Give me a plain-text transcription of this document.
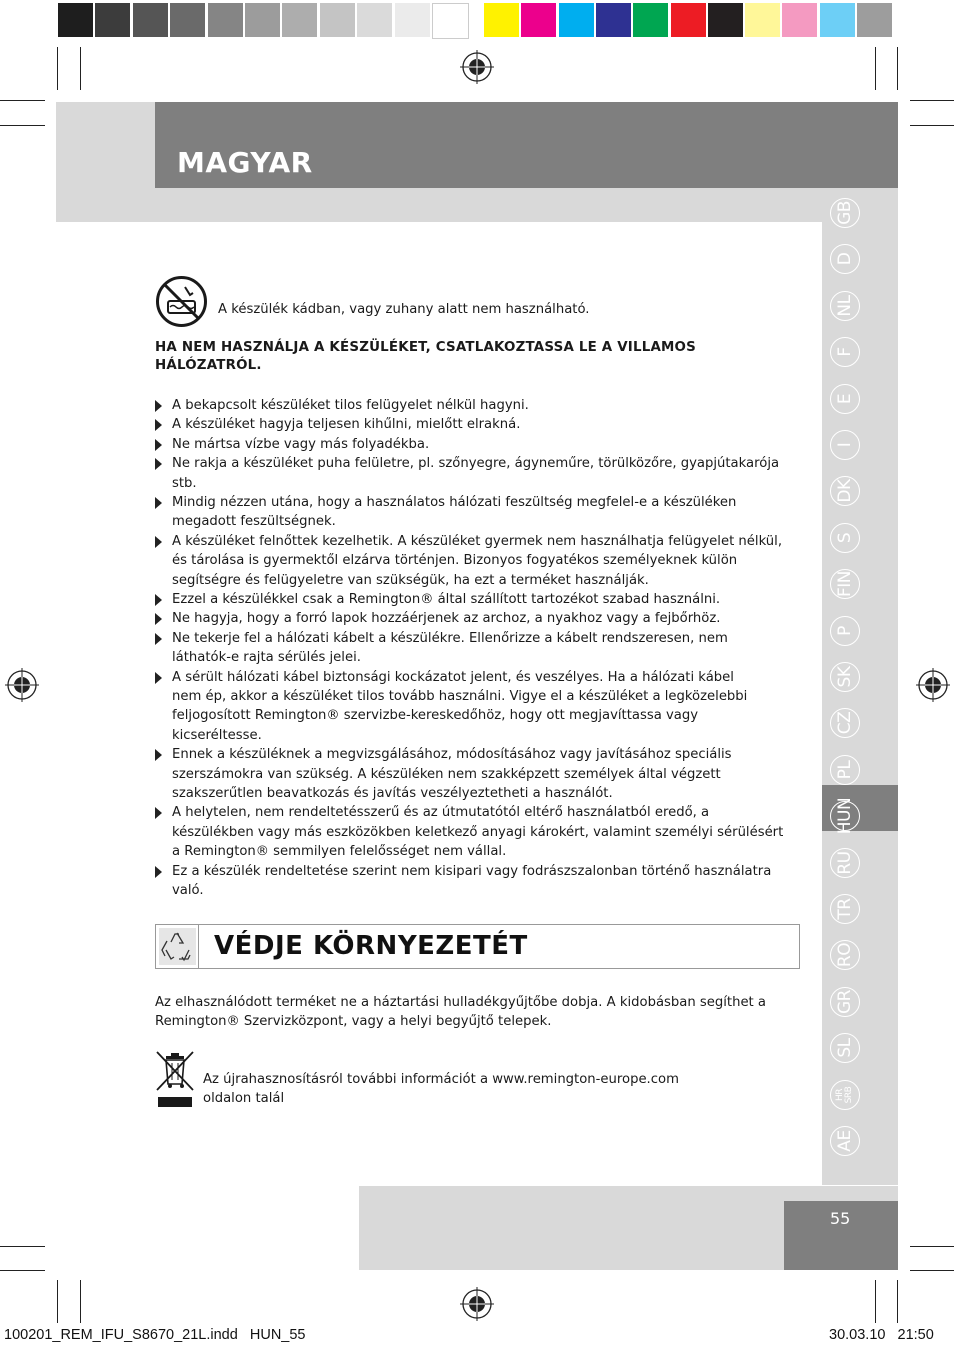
MAGYAR
GB
D
NL
F
E
I
DK
S
FIN
P
SK
CZ
PL
HUN
RU
TR
RO
GR
SL
HR
SRB
AE
55
A készülék kádban, vagy zuhany alatt nem használható.
HA NEM HASZNÁLJA A KÉSZÜLÉKET, CSATLAKOZTASSA LE A VILLAMOS
HÁLÓZATRÓL.
A bekapcsolt készüléket tilos felügyelet nélkül hagyni.
A készüléket hagyja teljesen kihűlni, mielőtt elrakná.
Ne mártsa vízbe vagy más folyadékba.
Ne rakja a készüléket puha felületre, pl. szőnyegre, ágyneműre, törülközőre, gyapjútakarója
stb.
Mindig nézzen utána, hogy a használatos hálózati feszültség megfelel-e a készüléken
megadott feszültségnek.
A készüléket felnőttek kezelhetik. A készüléket gyermek nem használhatja felügyelet nélkül,
és tárolása is gyermektől elzárva történjen. Bizonyos fogyatékos személyeknek külön
segítségre és felügyeletre van szükségük, ha ezt a terméket használják.
Ezzel a készülékkel csak a Remington® által szállított tartozékot szabad használni.
Ne hagyja, hogy a forró lapok hozzáérjenek az archoz, a nyakhoz vagy a fejbőrhöz.
Ne tekerje fel a hálózati kábelt a készülékre. Ellenőrizze a kábelt rendszeresen, nem
láthatók-e rajta sérülés jelei.
A sérült hálózati kábel biztonsági kockázatot jelent, és veszélyes. Ha a hálózati kábel
nem ép, akkor a készüléket tilos tovább használni. Vigye el a készüléket a legközelebbi
feljogosított Remington® szervizbe-kereskedőhöz, hogy ott megjavíttassa vagy
kicseréltesse.
Ennek a készüléknek a megvizsgálásához, módosításához vagy javításához speciális
szerszámokra van szükség. A készüléken nem szakképzett személyek által végzett
szakszerűtlen beavatkozás és javítás veszélyeztetheti a használót.
A helytelen, nem rendeltetésszerű és az útmutatótól eltérő használatból eredő, a
készülékben vagy más eszközökben keletkező anyagi károkért, valamint személyi sérülésért
a Remington® semmilyen felelősséget nem vállal.
Ez a készülék rendeltetése szerint nem kisipari vagy fodrászszalonban történő használatra
való.
VÉDJE KÖRNYEZETÉT
Az elhasználódott terméket ne a háztartási hulladékgyűjtőbe dobja. A kidobásban segíthet a
Remington® Szervizközpont, vagy a helyi begyűjtő telepek.
Az újrahasznosításról további információt a www.remington-europe.com
oldalon talál
100201_REM_IFU_S8670_21L.indd   HUN_55	30.03.10   21:50
